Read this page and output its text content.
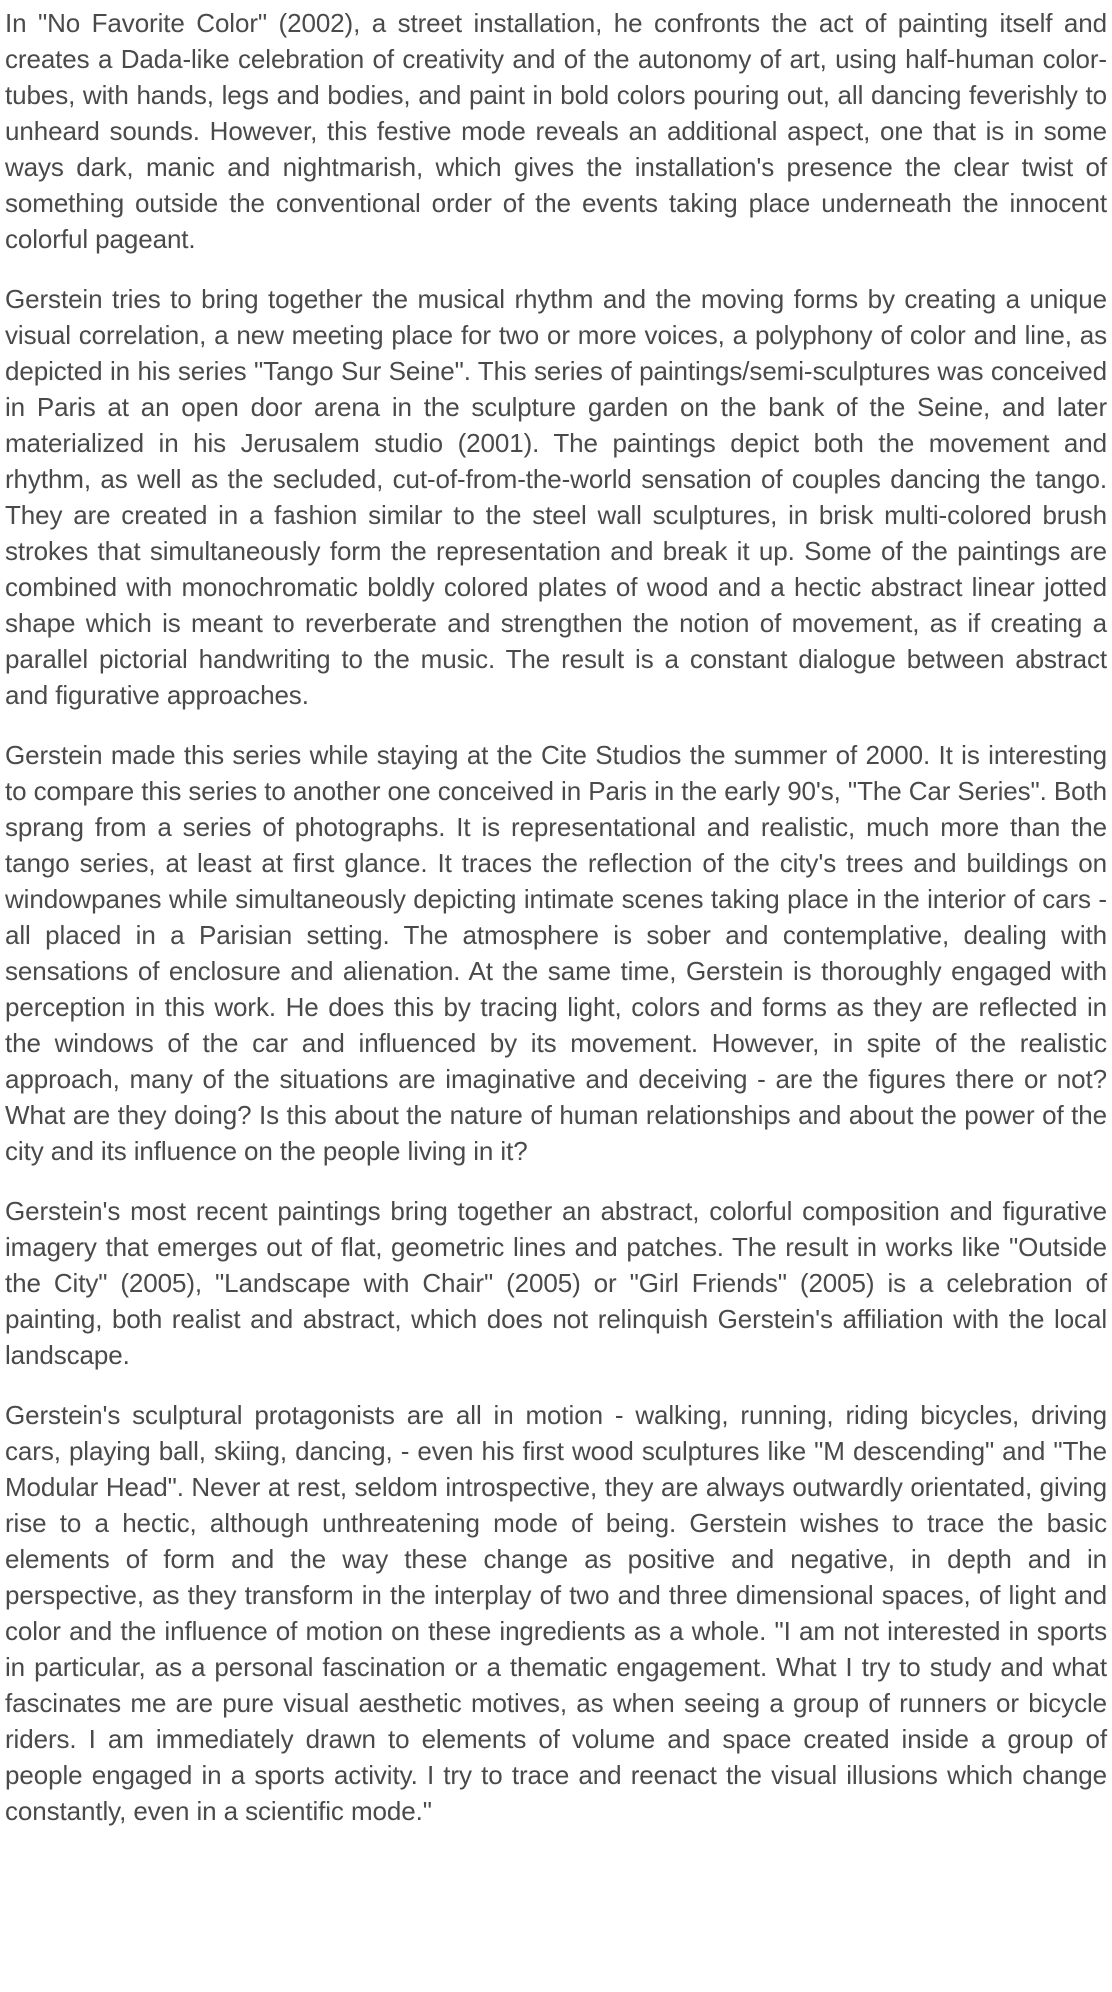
In "No Favorite Color" (2002), a street installation, he confronts the act of painting itself and creates a Dada-like celebration of creativity and of the autonomy of art, using half-human color-tubes, with hands, legs and bodies, and paint in bold colors pouring out, all dancing feverishly to unheard sounds. However, this festive mode reveals an additional aspect, one that is in some ways dark, manic and nightmarish, which gives the installation's presence the clear twist of something outside the conventional order of the events taking place underneath the innocent colorful pageant.

Gerstein tries to bring together the musical rhythm and the moving forms by creating a unique visual correlation, a new meeting place for two or more voices, a polyphony of color and line, as depicted in his series "Tango Sur Seine". This series of paintings/semi-sculptures was conceived in Paris at an open door arena in the sculpture garden on the bank of the Seine, and later materialized in his Jerusalem studio (2001). The paintings depict both the movement and rhythm, as well as the secluded, cut-of-from-the-world sensation of couples dancing the tango. They are created in a fashion similar to the steel wall sculptures, in brisk multi-colored brush strokes that simultaneously form the representation and break it up. Some of the paintings are combined with monochromatic boldly colored plates of wood and a hectic abstract linear jotted shape which is meant to reverberate and strengthen the notion of movement, as if creating a parallel pictorial handwriting to the music. The result is a constant dialogue between abstract and figurative approaches.

Gerstein made this series while staying at the Cite Studios the summer of 2000. It is interesting to compare this series to another one conceived in Paris in the early 90's, "The Car Series". Both sprang from a series of photographs. It is representational and realistic, much more than the tango series, at least at first glance. It traces the reflection of the city's trees and buildings on windowpanes while simultaneously depicting intimate scenes taking place in the interior of cars - all placed in a Parisian setting. The atmosphere is sober and contemplative, dealing with sensations of enclosure and alienation. At the same time, Gerstein is thoroughly engaged with perception in this work. He does this by tracing light, colors and forms as they are reflected in the windows of the car and influenced by its movement. However, in spite of the realistic approach, many of the situations are imaginative and deceiving - are the figures there or not? What are they doing? Is this about the nature of human relationships and about the power of the city and its influence on the people living in it?

Gerstein's most recent paintings bring together an abstract, colorful composition and figurative imagery that emerges out of flat, geometric lines and patches. The result in works like "Outside the City" (2005), "Landscape with Chair" (2005) or "Girl Friends" (2005) is a celebration of painting, both realist and abstract, which does not relinquish Gerstein's affiliation with the local landscape.

Gerstein's sculptural protagonists are all in motion - walking, running, riding bicycles, driving cars, playing ball, skiing, dancing, - even his first wood sculptures like "M descending" and "The Modular Head". Never at rest, seldom introspective, they are always outwardly orientated, giving rise to a hectic, although unthreatening mode of being. Gerstein wishes to trace the basic elements of form and the way these change as positive and negative, in depth and in perspective, as they transform in the interplay of two and three dimensional spaces, of light and color and the influence of motion on these ingredients as a whole. "I am not interested in sports in particular, as a personal fascination or a thematic engagement. What I try to study and what fascinates me are pure visual aesthetic motives, as when seeing a group of runners or bicycle riders. I am immediately drawn to elements of volume and space created inside a group of people engaged in a sports activity. I try to trace and reenact the visual illusions which change constantly, even in a scientific mode."
